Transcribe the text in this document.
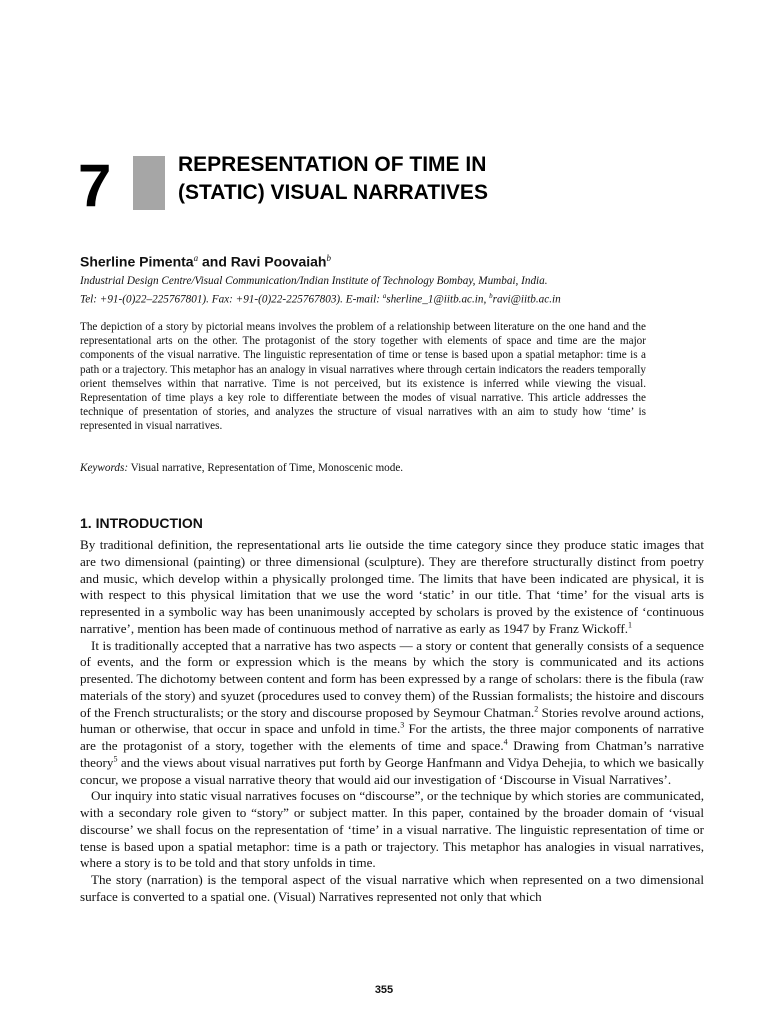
7	REPRESENTATION OF TIME IN
(STATIC) VISUAL NARRATIVES
Sherline Pimenta$^a$ and Ravi Poovaiah$^b$
Industrial Design Centre/Visual Communication/Indian Institute of Technology Bombay, Mumbai, India.
Tel: +91-(0)22–225767801). Fax: +91-(0)22-225767803). E-mail: $^a$sherline_1@iitb.ac.in, $^b$ravi@iitb.ac.in

The depiction of a story by pictorial means involves the problem of a relationship between literature on the one hand and the representational arts on the other. The protagonist of the story together with elements of space and time are the major components of the visual narrative. The linguistic representation of time or tense is based upon a spatial metaphor: time is a path or a trajectory. This metaphor has an analogy in visual narratives where through certain indicators the readers temporally orient themselves within that narrative. Time is not perceived, but its existence is inferred while viewing the visual. Representation of time plays a key role to differentiate between the modes of visual narrative. This article addresses the technique of presentation of stories, and analyzes the structure of visual narratives with an aim to study how ‘time’ is represented in visual narratives.

Keywords: Visual narrative, Representation of Time, Monoscenic mode.

1. INTRODUCTION

By traditional definition, the representational arts lie outside the time category since they produce static images that are two dimensional (painting) or three dimensional (sculpture). They are therefore structurally distinct from poetry and music, which develop within a physically prolonged time. The limits that have been indicated are physical, it is with respect to this physical limitation that we use the word ‘static’ in our title. That ‘time’ for the visual arts is represented in a symbolic way has been unanimously accepted by scholars is proved by the existence of ‘continuous narrative’, mention has been made of continuous method of narrative as early as 1947 by Franz Wickoff.$^1$

It is traditionally accepted that a narrative has two aspects — a story or content that generally consists of a sequence of events, and the form or expression which is the means by which the story is communicated and its actions presented. The dichotomy between content and form has been expressed by a range of scholars: there is the fibula (raw materials of the story) and syuzet (procedures used to convey them) of the Russian formalists; the histoire and discours of the French structuralists; or the story and discourse proposed by Seymour Chatman.$^2$ Stories revolve around actions, human or otherwise, that occur in space and unfold in time.$^3$ For the artists, the three major components of narrative are the protagonist of a story, together with the elements of time and space.$^4$ Drawing from Chatman’s narrative theory$^5$ and the views about visual narratives put forth by George Hanfmann and Vidya Dehejia, to which we basically concur, we propose a visual narrative theory that would aid our investigation of ‘Discourse in Visual Narratives’.

Our inquiry into static visual narratives focuses on “discourse”, or the technique by which stories are communicated, with a secondary role given to “story” or subject matter. In this paper, contained by the broader domain of ‘visual discourse’ we shall focus on the representation of ‘time’ in a visual narrative. The linguistic representation of time or tense is based upon a spatial metaphor: time is a path or trajectory. This metaphor has analogies in visual narratives, where a story is to be told and that story unfolds in time.

The story (narration) is the temporal aspect of the visual narrative which when represented on a two dimensional surface is converted to a spatial one. (Visual) Narratives represented not only that which

355
